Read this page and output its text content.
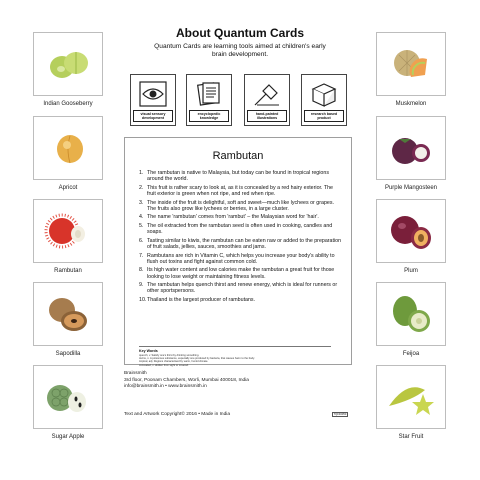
Indian Gooseberry
Apricot
Rambutan
Sapodilla
Sugar Apple
Muskmelon
Purple Mangosteen
Plum
Feijoa
Star Fruit
About Quantum Cards
Quantum Cards are learning tools aimed at children's early brain development.
visual sensory development
encyclopedic knowledge
hand-painted illustrations
research based product
Rambutan
1. The rambutan is native to Malaysia, but today can be found in tropical regions around the world.
2. This fruit is rather scary to look at, as it is concealed by a red hairy exterior. The fruit exterior is green when not ripe, and red when ripe.
3. The inside of the fruit is delightful, soft and sweet—much like lychees or grapes. The fruits also grow like lychees or berries, in a large cluster.
4. The name 'rambutan' comes from 'rambut' – the Malaysian word for 'hair'.
5. The oil extracted from the rambutan seed is often used in cooking, candles and soaps.
6. Tasting similar to kiwis, the rambutan can be eaten raw or added to the preparation of fruit salads, jellies, sauces, smoothies and jams.
7. Rambutans are rich in Vitamin C, which helps you increase your body's ability to flush out toxins and fight against common cold.
8. Its high water content and low calories make the rambutan a great fruit for those looking to lose weight or maintaining fitness levels.
9. The rambutan helps quench thirst and renew energy, which is ideal for runners or other sportspersons.
10. Thailand is the largest producer of rambutans.
Key Words
quench, v. Satisfy one's thirst by drinking something.
toxins, n. A poisonous substance, especially one produced by bacteria, that causes harm to the body.
tropical, adj. Regions characterised by warm, humid climate.
concealed, v. Hidden from sight or covered.
Brainsmith
3rd floor, Poonam Chambers, Worli, Mumbai 400018, India
info@brainsmith.in • www.brainsmith.in
Text and Artwork Copyright© 2016 • Made in India	TQFF0050
